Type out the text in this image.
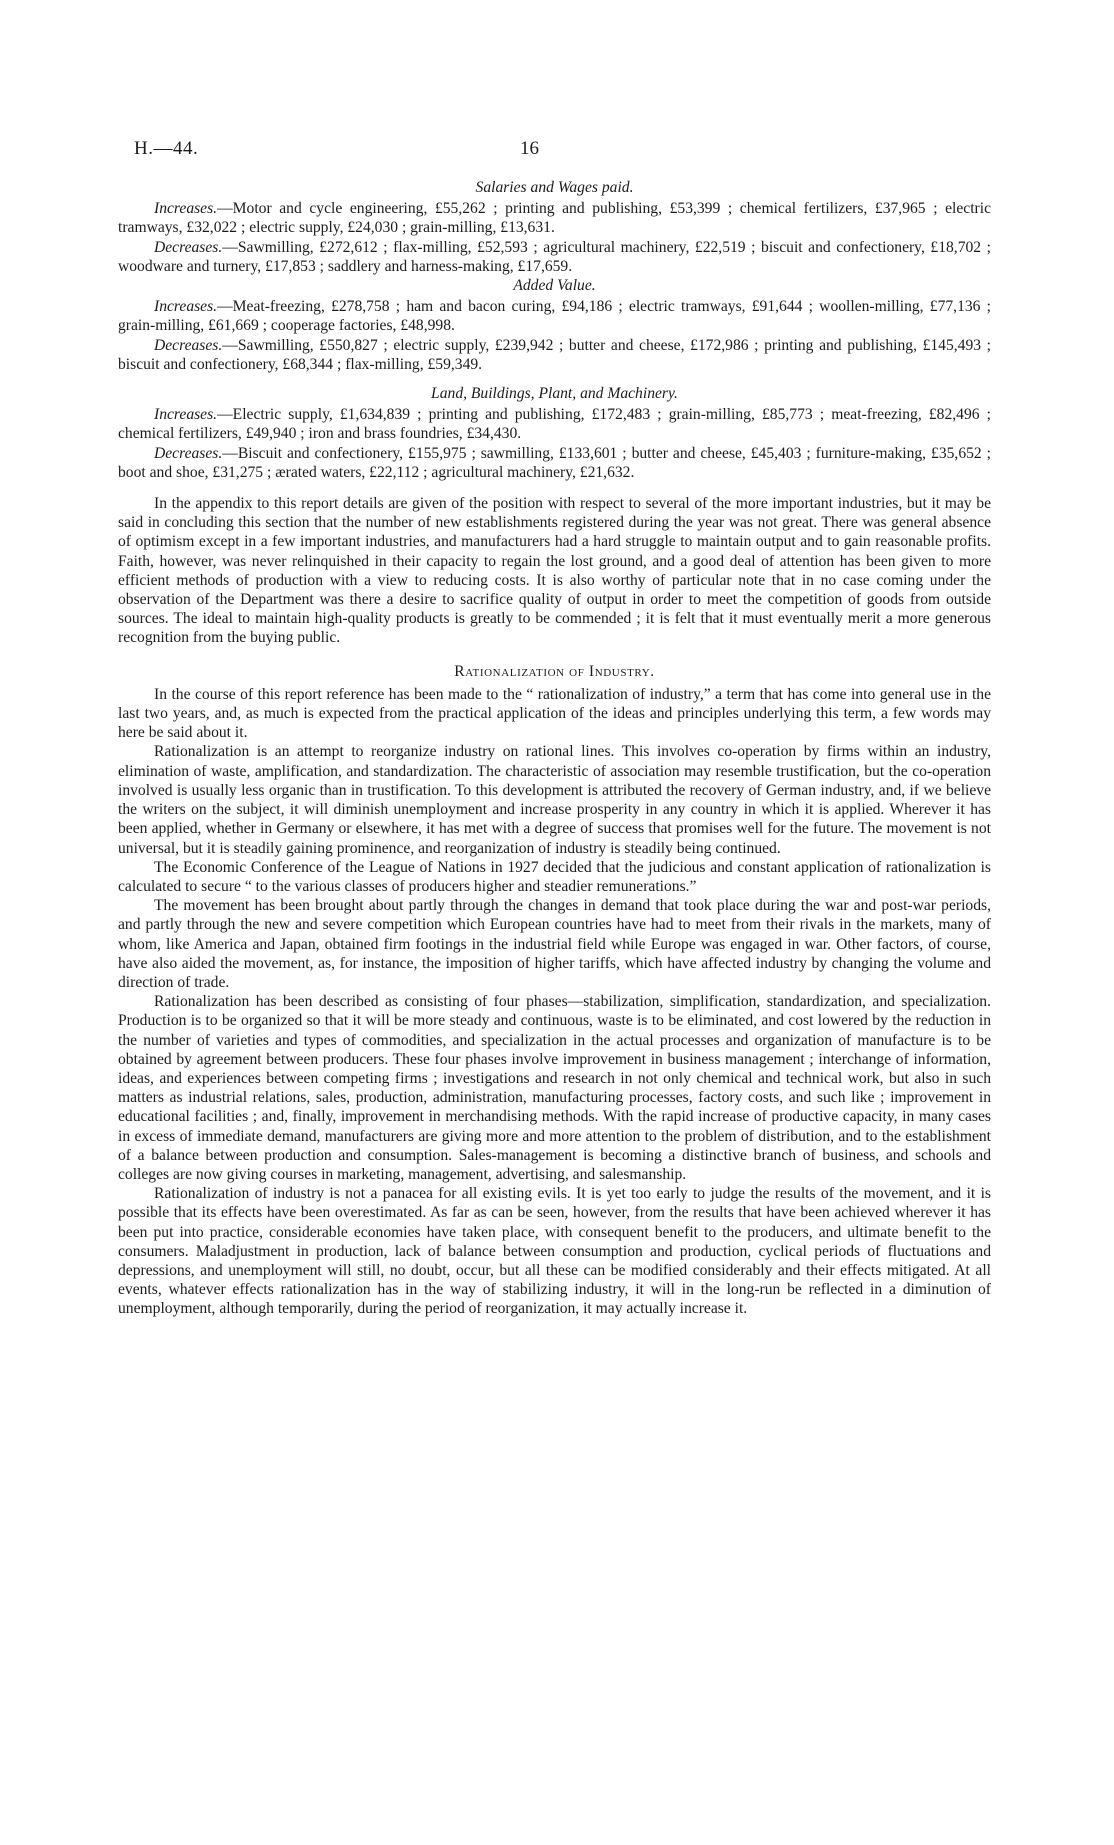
H.—44.	16
Salaries and Wages paid.

Increases.—Motor and cycle engineering, £55,262 ; printing and publishing, £53,399 ; chemical fertilizers, £37,965 ; electric tramways, £32,022 ; electric supply, £24,030 ; grain-milling, £13,631.

Decreases.—Sawmilling, £272,612 ; flax-milling, £52,593 ; agricultural machinery, £22,519 ; biscuit and confectionery, £18,702 ; woodware and turnery, £17,853 ; saddlery and harness-making, £17,659.

Added Value.

Increases.—Meat-freezing, £278,758 ; ham and bacon curing, £94,186 ; electric tramways, £91,644 ; woollen-milling, £77,136 ; grain-milling, £61,669 ; cooperage factories, £48,998.

Decreases.—Sawmilling, £550,827 ; electric supply, £239,942 ; butter and cheese, £172,986 ; printing and publishing, £145,493 ; biscuit and confectionery, £68,344 ; flax-milling, £59,349.

Land, Buildings, Plant, and Machinery.

Increases.—Electric supply, £1,634,839 ; printing and publishing, £172,483 ; grain-milling, £85,773 ; meat-freezing, £82,496 ; chemical fertilizers, £49,940 ; iron and brass foundries, £34,430.

Decreases.—Biscuit and confectionery, £155,975 ; sawmilling, £133,601 ; butter and cheese, £45,403 ; furniture-making, £35,652 ; boot and shoe, £31,275 ; ærated waters, £22,112 ; agricultural machinery, £21,632.

In the appendix to this report details are given of the position with respect to several of the more important industries, but it may be said in concluding this section that the number of new establishments registered during the year was not great. There was general absence of optimism except in a few important industries, and manufacturers had a hard struggle to maintain output and to gain reasonable profits. Faith, however, was never relinquished in their capacity to regain the lost ground, and a good deal of attention has been given to more efficient methods of production with a view to reducing costs. It is also worthy of particular note that in no case coming under the observation of the Department was there a desire to sacrifice quality of output in order to meet the competition of goods from outside sources. The ideal to maintain high-quality products is greatly to be commended ; it is felt that it must eventually merit a more generous recognition from the buying public.

Rationalization of Industry.

In the course of this report reference has been made to the “ rationalization of industry,” a term that has come into general use in the last two years, and, as much is expected from the practical application of the ideas and principles underlying this term, a few words may here be said about it.

Rationalization is an attempt to reorganize industry on rational lines. This involves co-operation by firms within an industry, elimination of waste, amplification, and standardization. The characteristic of association may resemble trustification, but the co-operation involved is usually less organic than in trustification. To this development is attributed the recovery of German industry, and, if we believe the writers on the subject, it will diminish unemployment and increase prosperity in any country in which it is applied. Wherever it has been applied, whether in Germany or elsewhere, it has met with a degree of success that promises well for the future. The movement is not universal, but it is steadily gaining prominence, and reorganization of industry is steadily being continued.

The Economic Conference of the League of Nations in 1927 decided that the judicious and constant application of rationalization is calculated to secure “ to the various classes of producers higher and steadier remunerations.”

The movement has been brought about partly through the changes in demand that took place during the war and post-war periods, and partly through the new and severe competition which European countries have had to meet from their rivals in the markets, many of whom, like America and Japan, obtained firm footings in the industrial field while Europe was engaged in war. Other factors, of course, have also aided the movement, as, for instance, the imposition of higher tariffs, which have affected industry by changing the volume and direction of trade.

Rationalization has been described as consisting of four phases—stabilization, simplification, standardization, and specialization. Production is to be organized so that it will be more steady and continuous, waste is to be eliminated, and cost lowered by the reduction in the number of varieties and types of commodities, and specialization in the actual processes and organization of manufacture is to be obtained by agreement between producers. These four phases involve improvement in business management ; interchange of information, ideas, and experiences between competing firms ; investigations and research in not only chemical and technical work, but also in such matters as industrial relations, sales, production, administration, manufacturing processes, factory costs, and such like ; improvement in educational facilities ; and, finally, improvement in merchandising methods. With the rapid increase of productive capacity, in many cases in excess of immediate demand, manufacturers are giving more and more attention to the problem of distribution, and to the establishment of a balance between production and consumption. Sales-management is becoming a distinctive branch of business, and schools and colleges are now giving courses in marketing, management, advertising, and salesmanship.

Rationalization of industry is not a panacea for all existing evils. It is yet too early to judge the results of the movement, and it is possible that its effects have been overestimated. As far as can be seen, however, from the results that have been achieved wherever it has been put into practice, considerable economies have taken place, with consequent benefit to the producers, and ultimate benefit to the consumers. Maladjustment in production, lack of balance between consumption and production, cyclical periods of fluctuations and depressions, and unemployment will still, no doubt, occur, but all these can be modified considerably and their effects mitigated. At all events, whatever effects rationalization has in the way of stabilizing industry, it will in the long-run be reflected in a diminution of unemployment, although temporarily, during the period of reorganization, it may actually increase it.
